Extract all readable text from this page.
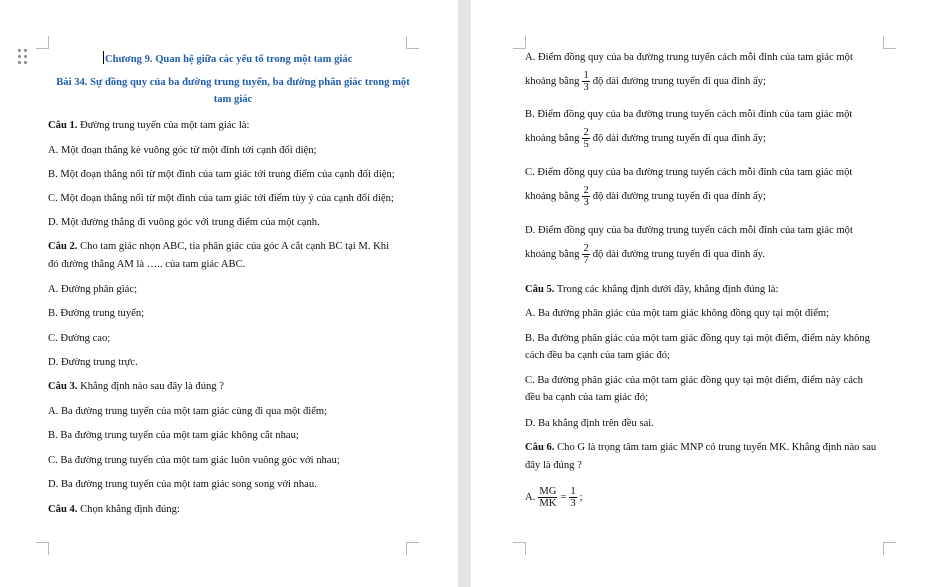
Chương 9. Quan hệ giữa các yếu tố trong một tam giác
Bài 34. Sự đồng quy của ba đường trung tuyến, ba đường phân giác trong một
tam giác
Câu 1. Đường trung tuyến của một tam giác là:
A. Một đoạn thẳng kẻ vuông góc từ một đỉnh tới cạnh đối diện;
B. Một đoạn thẳng nối từ một đỉnh của tam giác tới trung điểm của cạnh đối diện;
C. Một đoạn thẳng nối từ một đỉnh của tam giác tới điểm tùy ý của cạnh đối diện;
D. Một đường thẳng đi vuông góc với trung điểm của một cạnh.
Câu 2. Cho tam giác nhọn ABC, tia phân giác của góc A cắt cạnh BC tại M. Khi
đó đường thẳng AM là ….. của tam giác ABC.
A. Đường phân giác;
B. Đường trung tuyến;
C. Đường cao;
D. Đường trung trực.
Câu 3. Khẳng định nào sau đây là đúng ?
A. Ba đường trung tuyến của một tam giác cùng đi qua một điểm;
B. Ba đường trung tuyến của một tam giác không cắt nhau;
C. Ba đường trung tuyến của một tam giác luôn vuông góc với nhau;
D. Ba đường trung tuyến của một tam giác song song với nhau.
Câu 4. Chọn khẳng định đúng:
A. Điểm đồng quy của ba đường trung tuyến cách mỗi đỉnh của tam giác một
khoảng bằng $\frac{1}{3}$ độ dài đường trung tuyến đi qua đỉnh ấy;
B. Điểm đồng quy của ba đường trung tuyến cách mỗi đỉnh của tam giác một
khoảng bằng $\frac{2}{5}$ độ dài đường trung tuyến đi qua đỉnh ấy;
C. Điểm đồng quy của ba đường trung tuyến cách mỗi đỉnh của tam giác một
khoảng bằng $\frac{2}{3}$ độ dài đường trung tuyến đi qua đỉnh ấy;
D. Điểm đồng quy của ba đường trung tuyến cách mỗi đỉnh của tam giác một
khoảng bằng $\frac{2}{7}$ độ dài đường trung tuyến đi qua đỉnh ấy.
Câu 5. Trong các khẳng định dưới đây, khẳng định đúng là:
A. Ba đường phân giác của một tam giác không đồng quy tại một điểm;
B. Ba đường phân giác của một tam giác đồng quy tại một điểm, điểm này không
cách đều ba cạnh của tam giác đó;
C. Ba đường phân giác của một tam giác đồng quy tại một điểm, điểm này cách
đều ba cạnh của tam giác đó;
D. Ba khẳng định trên đều sai.
Câu 6. Cho G là trọng tâm tam giác MNP có trung tuyến MK. Khẳng định nào sau
đây là đúng ?
A. $\frac{MG}{MK} = \frac{1}{3}$ ;
